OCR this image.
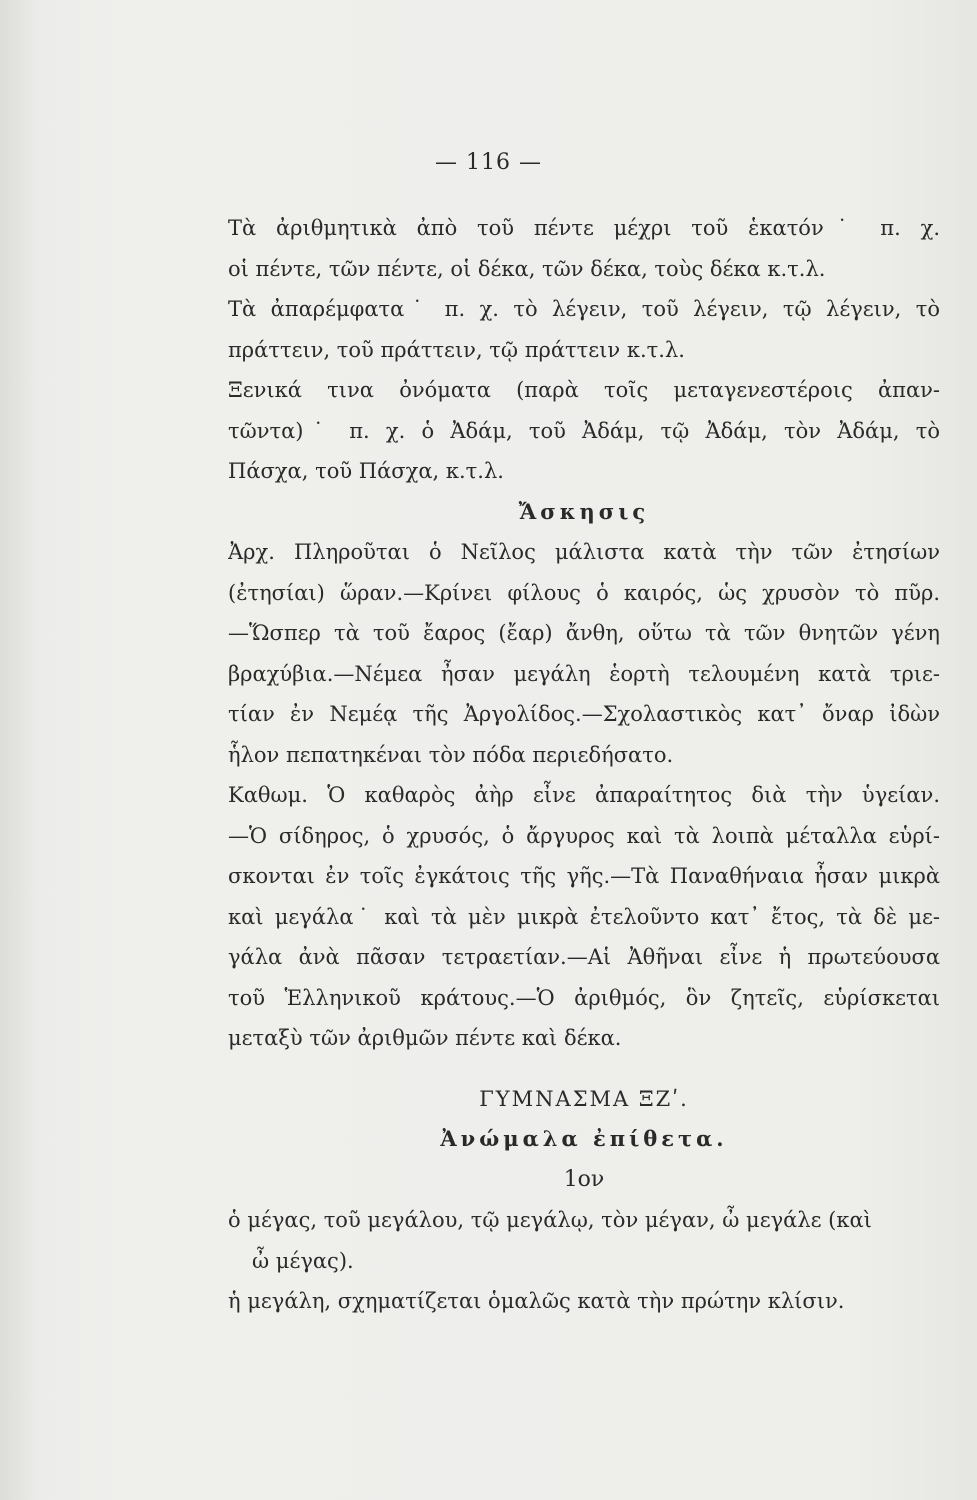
— 116 —
Τὰ ἀριθμητικὰ ἀπὸ τοῦ πέντε μέχρι τοῦ ἑκατόν˙ π. χ.
οἱ πέντε, τῶν πέντε, οἱ δέκα, τῶν δέκα, τοὺς δέκα κ.τ.λ.
Τὰ ἀπαρέμφατα˙ π. χ. τὸ λέγειν, τοῦ λέγειν, τῷ λέγειν, τὸ
πράττειν, τοῦ πράττειν, τῷ πράττειν κ.τ.λ.
Ξενικά τινα ὀνόματα (παρὰ τοῖς μεταγενεστέροις ἀπαν-
τῶντα)˙ π. χ. ὁ Ἀδάμ, τοῦ Ἀδάμ, τῷ Ἀδάμ, τὸν Ἀδάμ, τὸ
Πάσχα, τοῦ Πάσχα, κ.τ.λ.
Ἄσκησις
Ἀρχ. Πληροῦται ὁ Νεῖλος μάλιστα κατὰ τὴν τῶν ἐτησίων
(ἐτησίαι) ὥραν.—Κρίνει φίλους ὁ καιρός, ὡς χρυσὸν τὸ πῦρ.
—Ὥσπερ τὰ τοῦ ἔαρος (ἔαρ) ἄνθη, οὕτω τὰ τῶν θνητῶν γένη
βραχύβια.—Νέμεα ἦσαν μεγάλη ἑορτὴ τελουμένη κατὰ τριε-
τίαν ἐν Νεμέᾳ τῆς Ἀργολίδος.—Σχολαστικὸς κατ᾽ ὄναρ ἰδὼν
ἧλον πεπατηκέναι τὸν πόδα περιεδήσατο.
Καθωμ. Ὁ καθαρὸς ἀὴρ εἶνε ἀπαραίτητος διὰ τὴν ὑγείαν.
—Ὁ σίδηρος, ὁ χρυσός, ὁ ἄργυρος καὶ τὰ λοιπὰ μέταλλα εὑρί-
σκονται ἐν τοῖς ἐγκάτοις τῆς γῆς.—Τὰ Παναθήναια ἦσαν μικρὰ
καὶ μεγάλα˙ καὶ τὰ μὲν μικρὰ ἐτελοῦντο κατ᾽ ἔτος, τὰ δὲ με-
γάλα ἀνὰ πᾶσαν τετραετίαν.—Αἱ Ἀθῆναι εἶνε ἡ πρωτεύουσα
τοῦ Ἑλληνικοῦ κράτους.—Ὁ ἀριθμός, ὃν ζητεῖς, εὑρίσκεται
μεταξὺ τῶν ἀριθμῶν πέντε καὶ δέκα.
ΓΥΜΝΑΣΜΑ ΞΖʹ.
Ἀνώμαλα ἐπίθετα.
1ον
ὁ μέγας, τοῦ μεγάλου, τῷ μεγάλῳ, τὸν μέγαν, ὦ μεγάλε (καὶ
ὦ μέγας).
ἡ μεγάλη, σχηματίζεται ὁμαλῶς κατὰ τὴν πρώτην κλίσιν.
